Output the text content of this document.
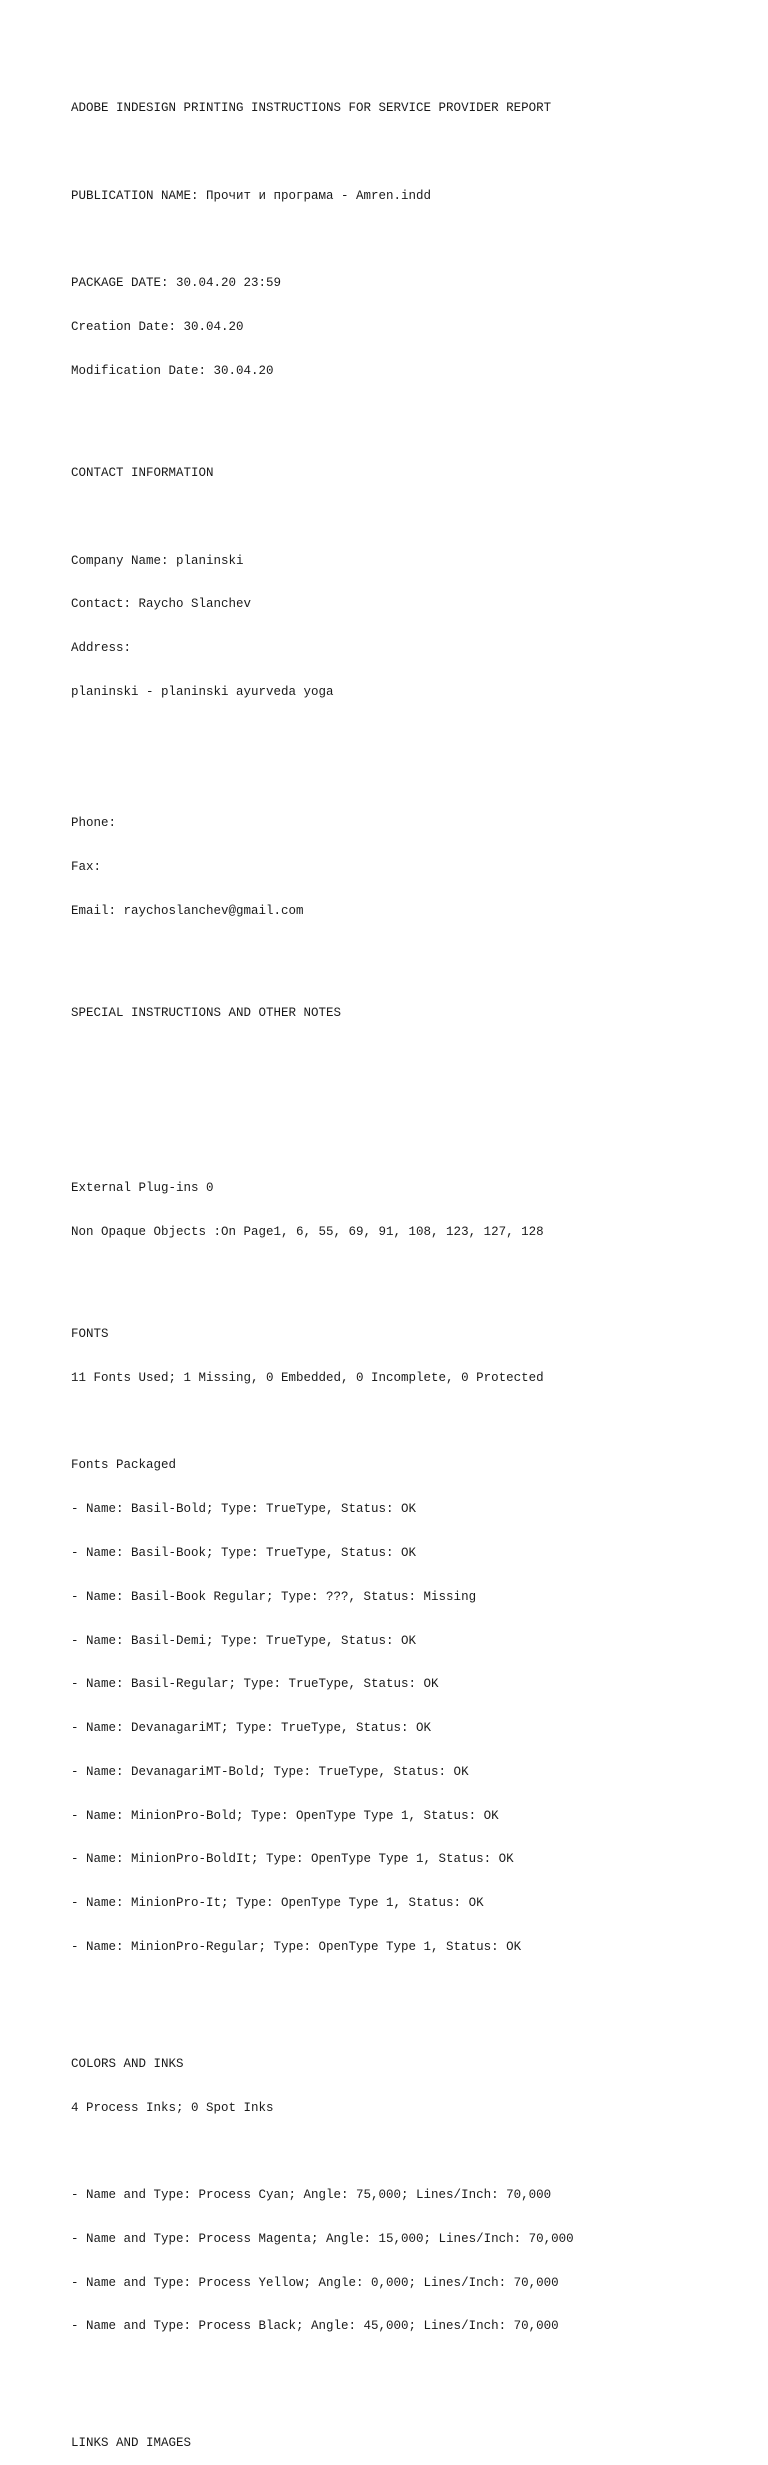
ADOBE INDESIGN PRINTING INSTRUCTIONS FOR SERVICE PROVIDER REPORT

PUBLICATION NAME: Прочит и програма - Amren.indd

PACKAGE DATE: 30.04.20 23:59

Creation Date: 30.04.20

Modification Date: 30.04.20

CONTACT INFORMATION

Company Name: planinski

Contact: Raycho Slanchev

Address:

planinski - planinski ayurveda yoga

Phone:

Fax:

Email: raychoslanchev@gmail.com

SPECIAL INSTRUCTIONS AND OTHER NOTES

External Plug-ins 0

Non Opaque Objects :On Page1, 6, 55, 69, 91, 108, 123, 127, 128

FONTS

11 Fonts Used; 1 Missing, 0 Embedded, 0 Incomplete, 0 Protected

Fonts Packaged

- Name: Basil-Bold; Type: TrueType, Status: OK

- Name: Basil-Book; Type: TrueType, Status: OK

- Name: Basil-Book Regular; Type: ???, Status: Missing

- Name: Basil-Demi; Type: TrueType, Status: OK

- Name: Basil-Regular; Type: TrueType, Status: OK

- Name: DevanagariMT; Type: TrueType, Status: OK

- Name: DevanagariMT-Bold; Type: TrueType, Status: OK

- Name: MinionPro-Bold; Type: OpenType Type 1, Status: OK

- Name: MinionPro-BoldIt; Type: OpenType Type 1, Status: OK

- Name: MinionPro-It; Type: OpenType Type 1, Status: OK

- Name: MinionPro-Regular; Type: OpenType Type 1, Status: OK

COLORS AND INKS

4 Process Inks; 0 Spot Inks

- Name and Type: Process Cyan; Angle: 75,000; Lines/Inch: 70,000

- Name and Type: Process Magenta; Angle: 15,000; Lines/Inch: 70,000

- Name and Type: Process Yellow; Angle: 0,000; Lines/Inch: 70,000

- Name and Type: Process Black; Angle: 45,000; Lines/Inch: 70,000

LINKS AND IMAGES
